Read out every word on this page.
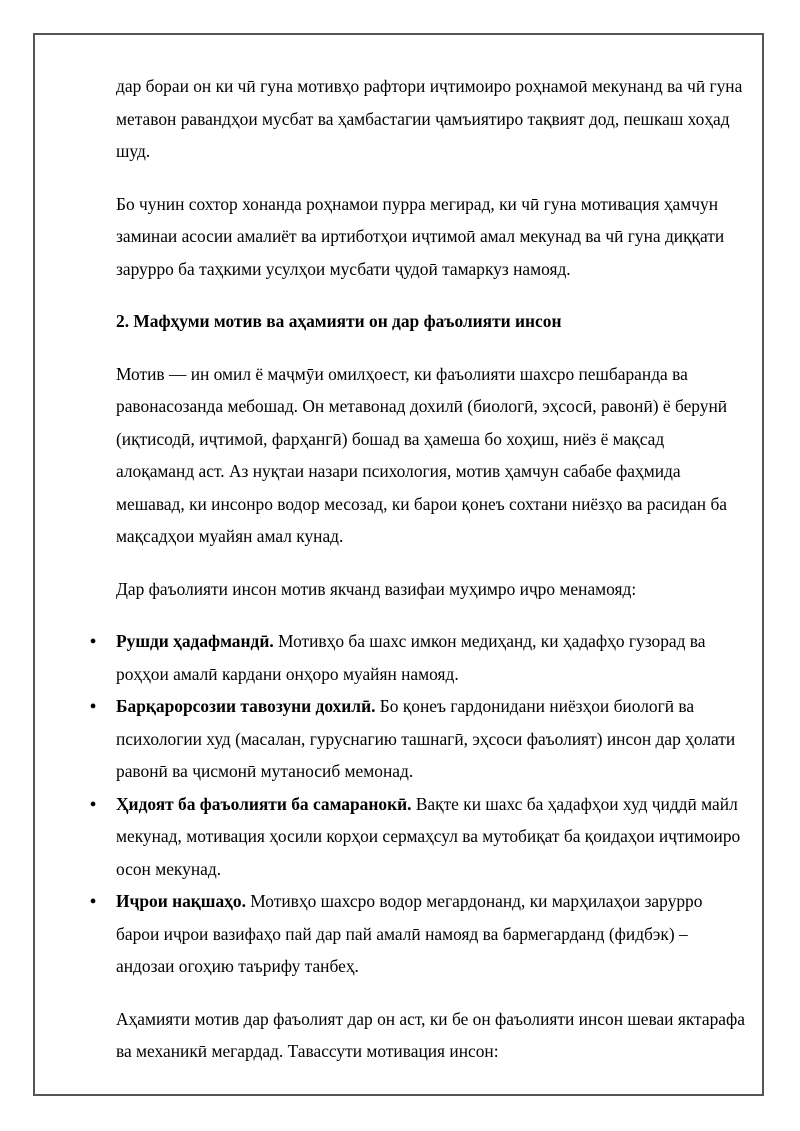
дар бораи он ки чӣ гуна мотивҳо рафтори иҷтимоиро роҳнамоӣ мекунанд ва чӣ гуна метавон равандҳои мусбат ва ҳамбастагии ҷамъиятиро тақвият дод, пешкаш хоҳад шуд.

Бо чунин сохтор хонанда роҳнамои пурра мегирад, ки чӣ гуна мотивация ҳамчун заминаи асосии амалиёт ва иртиботҳои иҷтимоӣ амал мекунад ва чӣ гуна диққати зарурро ба таҳкими усулҳои мусбати ҷудоӣ тамаркуз намояд.

2. Мафҳуми мотив ва аҳамияти он дар фаъолияти инсон

Мотив — ин омил ё маҷмӯи омилҳоест, ки фаъолияти шахсро пешбаранда ва равонасозанда мебошад. Он метавонад дохилӣ (биологӣ, эҳсосӣ, равонӣ) ё берунӣ (иқтисодӣ, иҷтимоӣ, фарҳангӣ) бошад ва ҳамеша бо хоҳиш, ниёз ё мақсад алоқаманд аст. Аз нуқтаи назари психология, мотив ҳамчун сабабе фаҳмида мешавад, ки инсонро водор месозад, ки барои қонеъ сохтани ниёзҳо ва расидан ба мақсадҳои муайян амал кунад.

Дар фаъолияти инсон мотив якчанд вазифаи муҳимро иҷро менамояд:

• Рушди ҳадафмандӣ. Мотивҳо ба шахс имкон медиҳанд, ки ҳадафҳо гузорад ва роҳҳои амалӣ кардани онҳоро муайян намояд.
• Барқарорсозии тавозуни дохилӣ. Бо қонеъ гардонидани ниёзҳои биологӣ ва психологии худ (масалан, гуруснагию ташнагӣ, эҳсоси фаъолият) инсон дар ҳолати равонӣ ва ҷисмонӣ мутаносиб мемонад.
• Ҳидоят ба фаъолияти ба самаранокӣ. Вақте ки шахс ба ҳадафҳои худ ҷиддӣ майл мекунад, мотивация ҳосили корҳои сермаҳсул ва мутобиқат ба қоидаҳои иҷтимоиро осон мекунад.
• Иҷрои нақшаҳо. Мотивҳо шахсро водор мегардонанд, ки марҳилаҳои зарурро барои иҷрои вазифаҳо пай дар пай амалӣ намояд ва бармегарданд (фидбэк) – андозаи огоҳию таърифу танбеҳ.

Аҳамияти мотив дар фаъолият дар он аст, ки бе он фаъолияти инсон шеваи яктарафа ва механикӣ мегардад. Тавассути мотивация инсон:
